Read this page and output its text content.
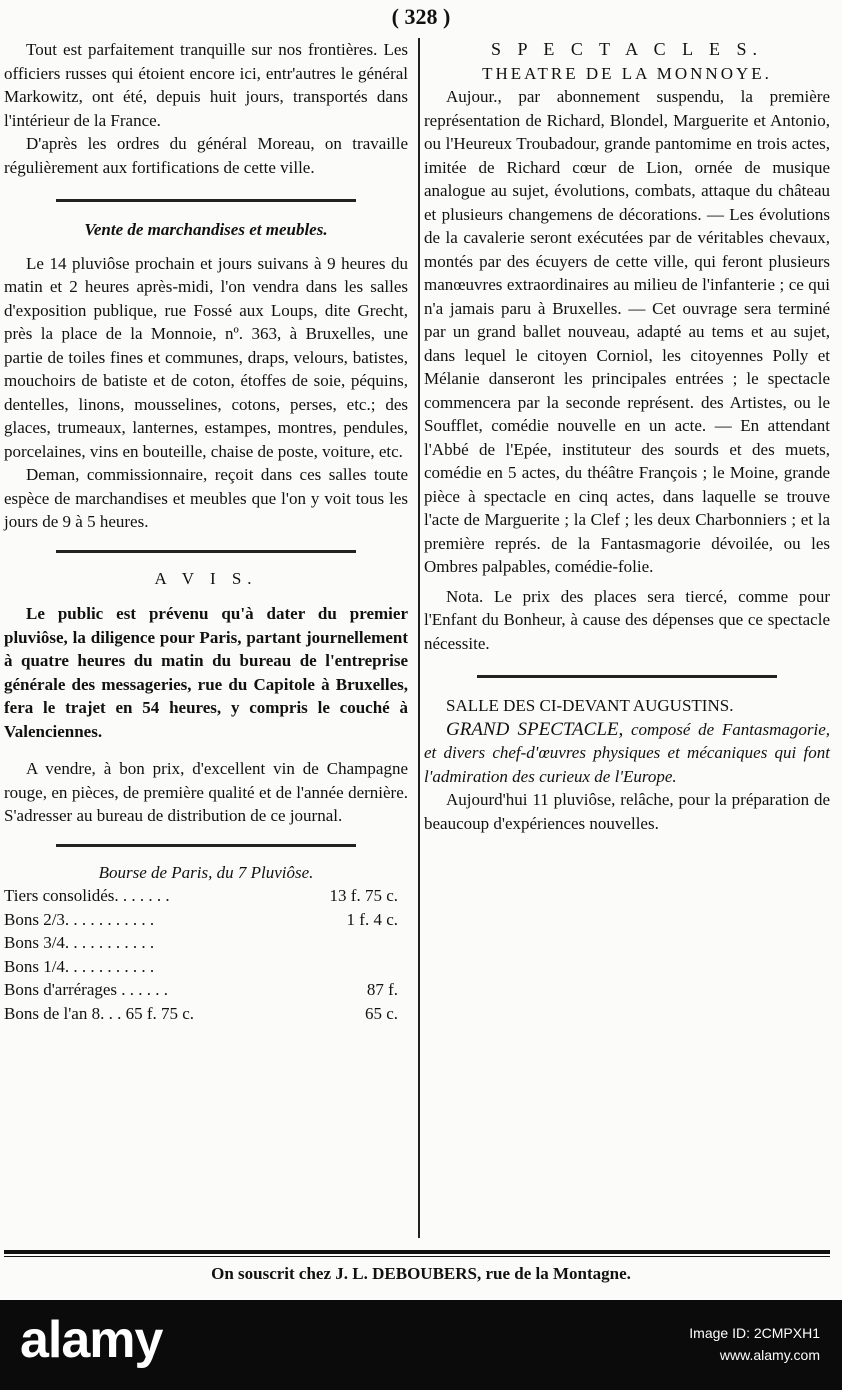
( 328 )

Tout est parfaitement tranquille sur nos frontières. Les officiers russes qui étoient encore ici, entr'autres le général Markowitz, ont été, depuis huit jours, transportés dans l'intérieur de la France.

D'après les ordres du général Moreau, on travaille régulièrement aux fortifications de cette ville.

Vente de marchandises et meubles.

Le 14 pluviôse prochain et jours suivans à 9 heures du matin et 2 heures après-midi, l'on vendra dans les salles d'exposition publique, rue Fossé aux Loups, dite Grecht, près la place de la Monnoie, nº. 363, à Bruxelles, une partie de toiles fines et communes, draps, velours, batistes, mouchoirs de batiste et de coton, étoffes de soie, péquins, dentelles, linons, mousselines, cotons, perses, etc.; des glaces, trumeaux, lanternes, estampes, montres, pendules, porcelaines, vins en bouteille, chaise de poste, voiture, etc.

Deman, commissionnaire, reçoit dans ces salles toute espèce de marchandises et meubles que l'on y voit tous les jours de 9 à 5 heures.

A V I S.

Le public est prévenu qu'à dater du premier pluviôse, la diligence pour Paris, partant journellement à quatre heures du matin du bureau de l'entreprise générale des messageries, rue du Capitole à Bruxelles, fera le trajet en 54 heures, y compris le couché à Valenciennes.

A vendre, à bon prix, d'excellent vin de Champagne rouge, en pièces, de première qualité et de l'année dernière. S'adresser au bureau de distribution de ce journal.

Bourse de Paris, du 7 Pluviôse.

Tiers consolidés. . . . . . .	13 f. 75 c.
Bons 2/3. . . . . . . . . . .	1 f. 4 c.
Bons 3/4. . . . . . . . . . .	
Bons 1/4. . . . . . . . . . .	
Bons d'arrérages . . . . . .	87 f.
Bons de l'an 8. . . 65 f. 75 c.	65 c.

S P E C T A C L E S.

THEATRE DE LA MONNOYE.

Aujour., par abonnement suspendu, la première représentation de Richard, Blondel, Marguerite et Antonio, ou l'Heureux Troubadour, grande pantomime en trois actes, imitée de Richard cœur de Lion, ornée de musique analogue au sujet, évolutions, combats, attaque du château et plusieurs changemens de décorations. — Les évolutions de la cavalerie seront exécutées par de véritables chevaux, montés par des écuyers de cette ville, qui feront plusieurs manœuvres extraordinaires au milieu de l'infanterie ; ce qui n'a jamais paru à Bruxelles. — Cet ouvrage sera terminé par un grand ballet nouveau, adapté au tems et au sujet, dans lequel le citoyen Corniol, les citoyennes Polly et Mélanie danseront les principales entrées ; le spectacle commencera par la seconde représent. des Artistes, ou le Soufflet, comédie nouvelle en un acte. — En attendant l'Abbé de l'Epée, instituteur des sourds et des muets, comédie en 5 actes, du théâtre François ; le Moine, grande pièce à spectacle en cinq actes, dans laquelle se trouve l'acte de Marguerite ; la Clef ; les deux Charbonniers ; et la première représ. de la Fantasmagorie dévoilée, ou les Ombres palpables, comédie-folie.

Nota. Le prix des places sera tiercé, comme pour l'Enfant du Bonheur, à cause des dépenses que ce spectacle nécessite.

SALLE DES CI-DEVANT AUGUSTINS.

GRAND SPECTACLE, composé de Fantasmagorie, et divers chef-d'œuvres physiques et mécaniques qui font l'admiration des curieux de l'Europe.

Aujourd'hui 11 pluviôse, relâche, pour la préparation de beaucoup d'expériences nouvelles.

On souscrit chez J. L. DEBOUBERS, rue de la Montagne.
alamy	Image ID: 2CMPXH1
www.alamy.com
